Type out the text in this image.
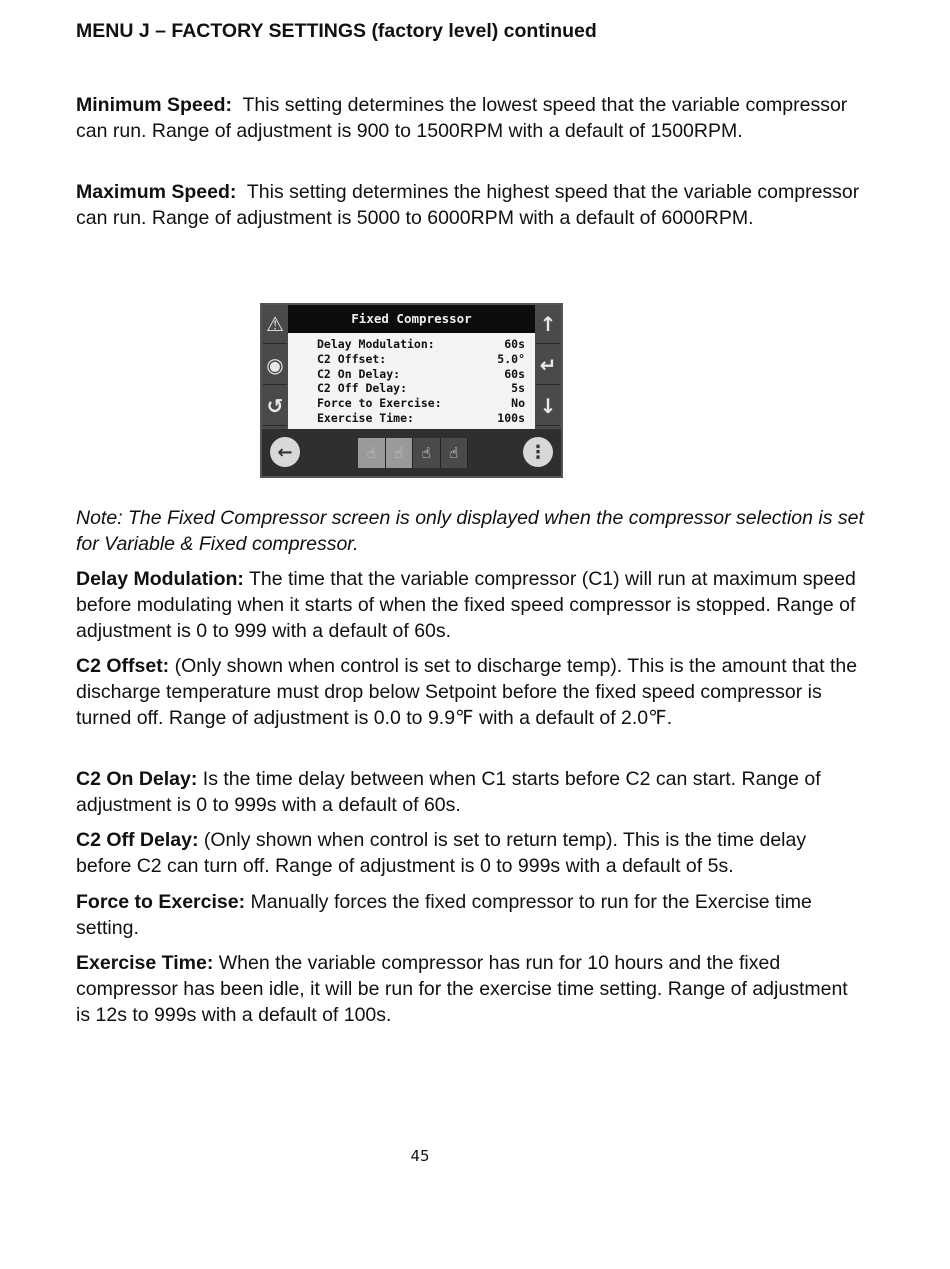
MENU J – FACTORY SETTINGS (factory level) continued

Minimum Speed: This setting determines the lowest speed that the variable compressor can run. Range of adjustment is 900 to 1500RPM with a default of 1500RPM.

Maximum Speed: This setting determines the highest speed that the variable compressor can run. Range of adjustment is 5000 to 6000RPM with a default of 6000RPM.

⚠
◉
↺
Fixed Compressor
Delay Modulation:	60s
C2 Offset:	5.0°
C2 On Delay:	60s
C2 Off Delay:	5s
Force to Exercise:	No
Exercise Time:	100s
↑
↵
↓
←	☝	☝	☝	☝	⋮

Note: The Fixed Compressor screen is only displayed when the compressor selection is set for Variable & Fixed compressor.

Delay Modulation: The time that the variable compressor (C1) will run at maximum speed before modulating when it starts of when the fixed speed compressor is stopped. Range of adjustment is 0 to 999 with a default of 60s.

C2 Offset: (Only shown when control is set to discharge temp). This is the amount that the discharge temperature must drop below Setpoint before the fixed speed compressor is turned off. Range of adjustment is 0.0 to 9.9℉ with a default of 2.0℉.

C2 On Delay: Is the time delay between when C1 starts before C2 can start. Range of adjustment is 0 to 999s with a default of 60s.

C2 Off Delay: (Only shown when control is set to return temp). This is the time delay before C2 can turn off. Range of adjustment is 0 to 999s with a default of 5s.

Force to Exercise: Manually forces the fixed compressor to run for the Exercise time setting.

Exercise Time: When the variable compressor has run for 10 hours and the fixed compressor has been idle, it will be run for the exercise time setting. Range of adjustment is 12s to 999s with a default of 100s.

45
